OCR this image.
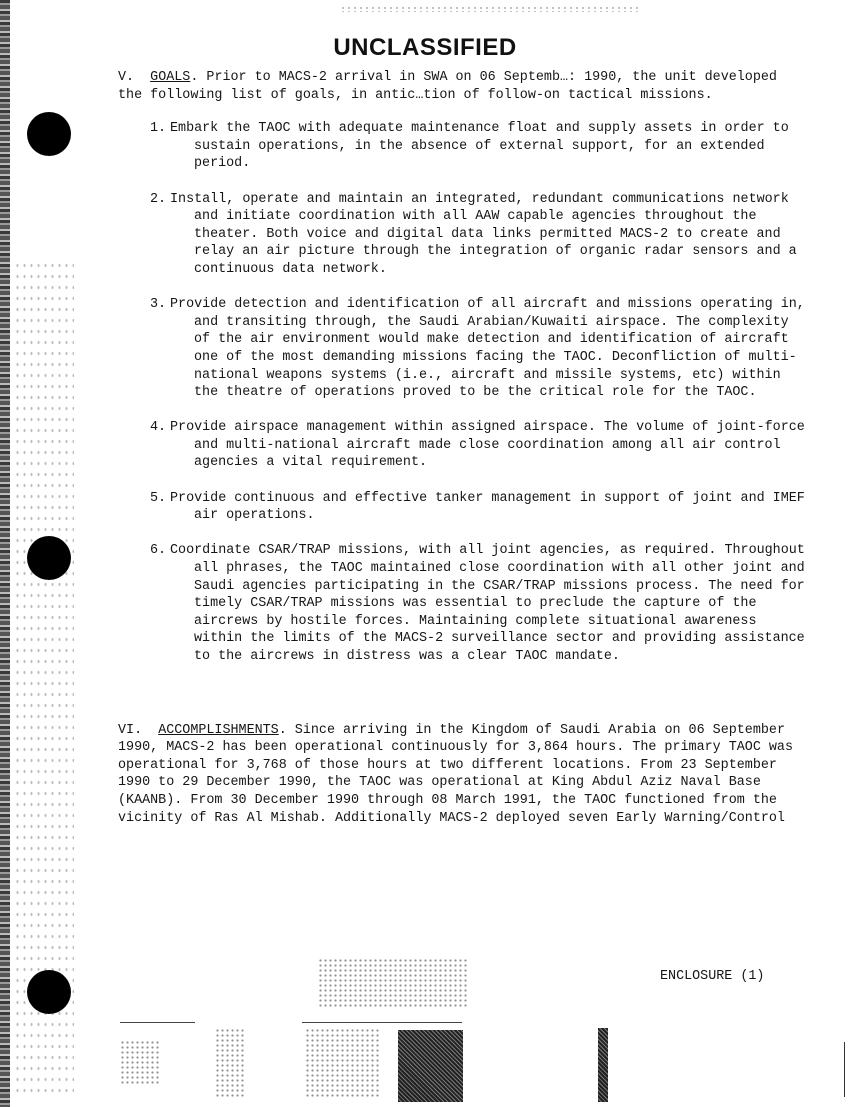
UNCLASSIFIED

V. GOALS. Prior to MACS-2 arrival in SWA on 06 Septemb…: 1990, the unit developed the following list of goals, in antic…tion of follow-on tactical missions.

1. Embark the TAOC with adequate maintenance float and supply assets in order to sustain operations, in the absence of external support, for an extended period.
2. Install, operate and maintain an integrated, redundant communications network and initiate coordination with all AAW capable agencies throughout the theater. Both voice and digital data links permitted MACS-2 to create and relay an air picture through the integration of organic radar sensors and a continuous data network.
3. Provide detection and identification of all aircraft and missions operating in, and transiting through, the Saudi Arabian/Kuwaiti airspace. The complexity of the air environment would make detection and identification of aircraft one of the most demanding missions facing the TAOC. Deconfliction of multi-national weapons systems (i.e., aircraft and missile systems, etc) within the theatre of operations proved to be the critical role for the TAOC.
4. Provide airspace management within assigned airspace. The volume of joint-force and multi-national aircraft made close coordination among all air control agencies a vital requirement.
5. Provide continuous and effective tanker management in support of joint and IMEF air operations.
6. Coordinate CSAR/TRAP missions, with all joint agencies, as required. Throughout all phrases, the TAOC maintained close coordination with all other joint and Saudi agencies participating in the CSAR/TRAP missions process. The need for timely CSAR/TRAP missions was essential to preclude the capture of the aircrews by hostile forces. Maintaining complete situational awareness within the limits of the MACS-2 surveillance sector and providing assistance to the aircrews in distress was a clear TAOC mandate.

VI. ACCOMPLISHMENTS. Since arriving in the Kingdom of Saudi Arabia on 06 September 1990, MACS-2 has been operational continuously for 3,864 hours. The primary TAOC was operational for 3,768 of those hours at two different locations. From 23 September 1990 to 29 December 1990, the TAOC was operational at King Abdul Aziz Naval Base (KAANB). From 30 December 1990 through 08 March 1991, the TAOC functioned from the vicinity of Ras Al Mishab. Additionally MACS-2 deployed seven Early Warning/Control

ENCLOSURE (1)
